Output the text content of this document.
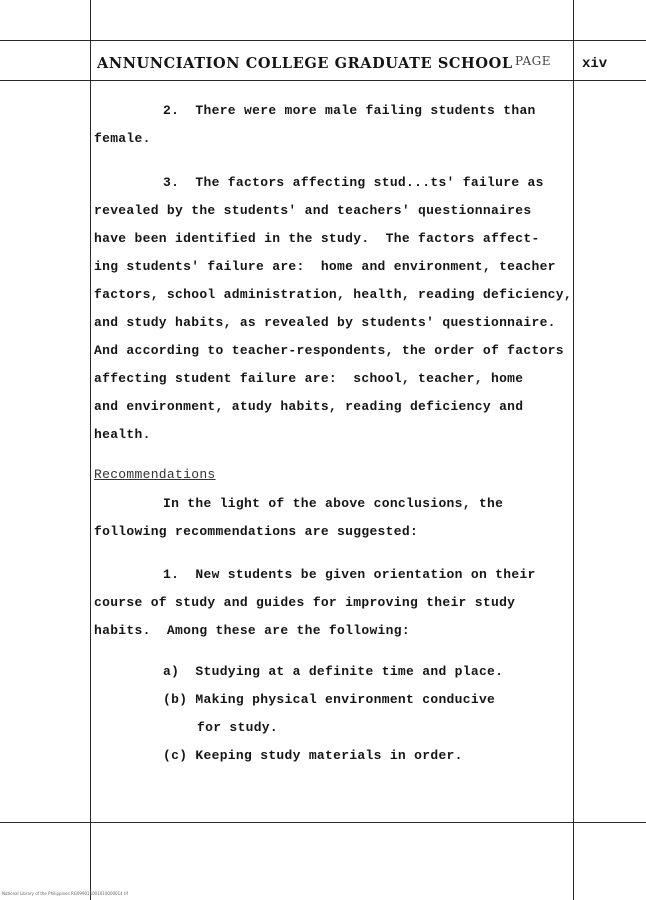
ANNUNCIATION COLLEGE GRADUATE SCHOOL PAGE xiv
2.  There were more male failing students than
female.
3.  The factors affecting stud...ts' failure as
revealed by the students' and teachers' questionnaires
have been identified in the study.  The factors affect-
ing students' failure are:  home and environment, teacher
factors, school administration, health, reading deficiency,
and study habits, as revealed by students' questionnaire.
And according to teacher-respondents, the order of factors
affecting student failure are:  school, teacher, home
and environment, atudy habits, reading deficiency and
health.
Recommendations
In the light of the above conclusions, the
following recommendations are suggested:
1.  New students be given orientation on their
course of study and guides for improving their study
habits.  Among these are the following:
a)  Studying at a definite time and place.
(b) Making physical environment conducive
for study.
(c) Keeping study materials in order.
National Library of the Philippines RG099011001010000014 tif
